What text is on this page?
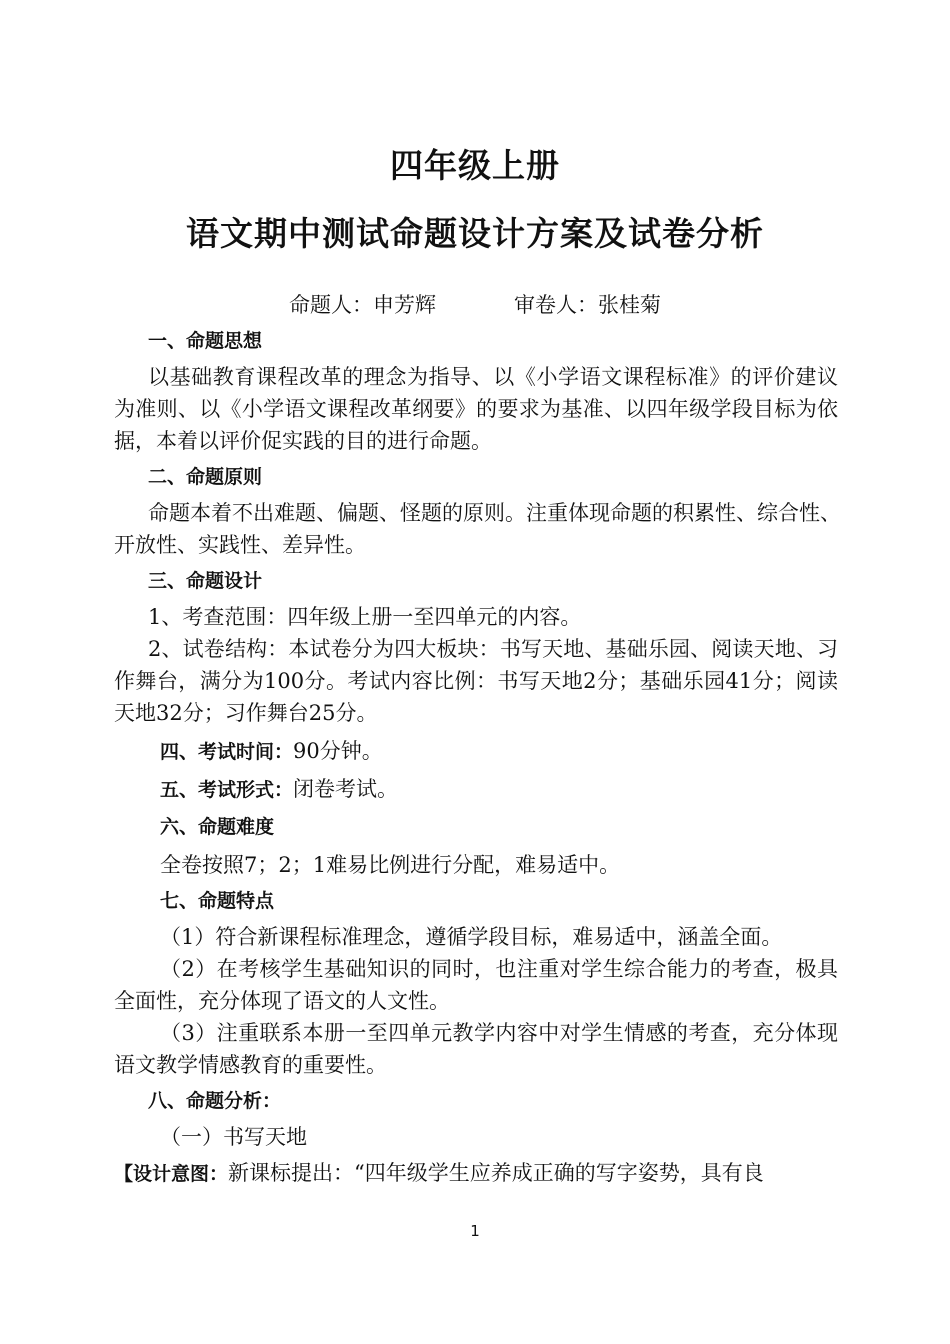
四年级上册
语文期中测试命题设计方案及试卷分析
命题人：申芳辉	审卷人：张桂菊
一、命题思想
以基础教育课程改革的理念为指导、以《小学语文课程标准》的评价建议
为准则、以《小学语文课程改革纲要》的要求为基准、以四年级学段目标为依
据，本着以评价促实践的目的进行命题。
二、命题原则
命题本着不出难题、偏题、怪题的原则。注重体现命题的积累性、综合性、
开放性、实践性、差异性。
三、命题设计
1、考查范围：四年级上册一至四单元的内容。
2、试卷结构：本试卷分为四大板块：书写天地、基础乐园、阅读天地、习
作舞台，满分为100分。考试内容比例：书写天地2分；基础乐园41分；阅读
天地32分；习作舞台25分。
四、考试时间：90分钟。
五、考试形式：闭卷考试。
六、命题难度
全卷按照7；2；1难易比例进行分配，难易适中。
七、命题特点
（1）符合新课程标准理念，遵循学段目标，难易适中，涵盖全面。
（2）在考核学生基础知识的同时，也注重对学生综合能力的考查，极具
全面性，充分体现了语文的人文性。
（3）注重联系本册一至四单元教学内容中对学生情感的考查，充分体现
语文教学情感教育的重要性。
八、命题分析：
（一）书写天地
【设计意图：新课标提出：“四年级学生应养成正确的写字姿势，具有良
1
